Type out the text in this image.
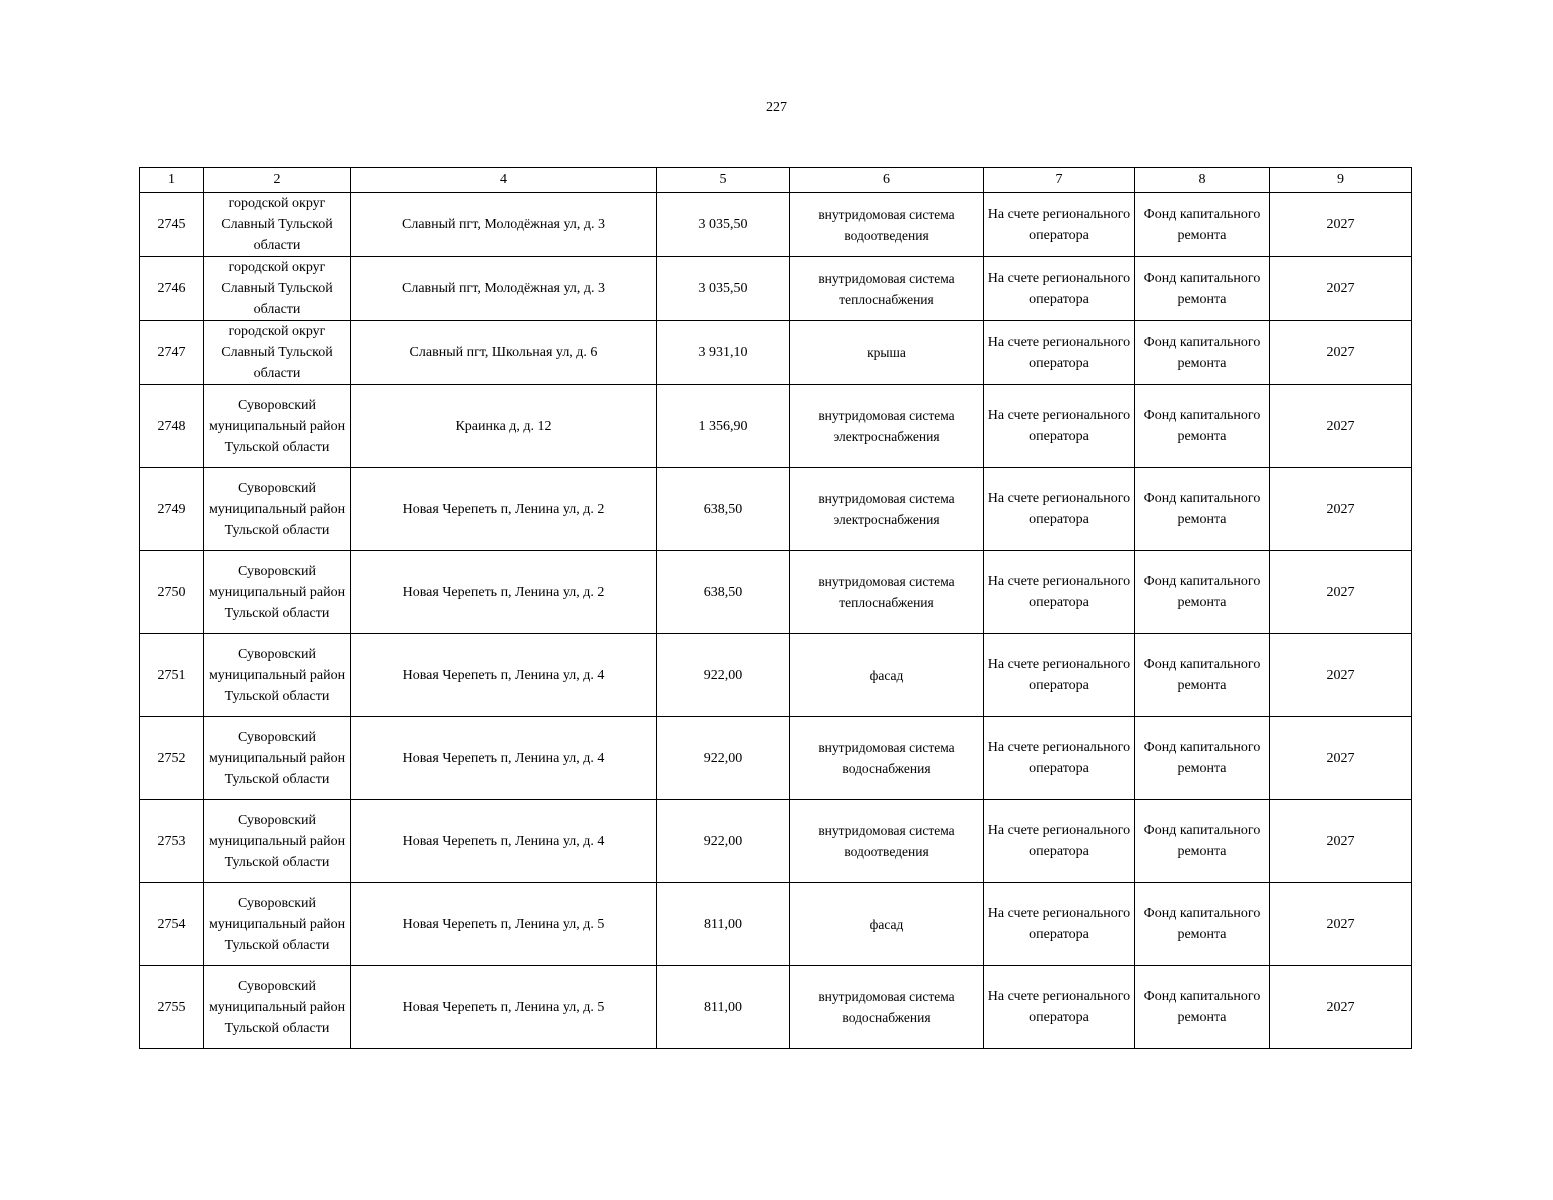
227
1	2	4	5	6	7	8	9
2745	городской округ Славный Тульской области	Славный пгт, Молодёжная ул, д. 3	3 035,50	внутридомовая система водоотведения	На счете регионального оператора	Фонд капитального ремонта	2027
2746	городской округ Славный Тульской области	Славный пгт, Молодёжная ул, д. 3	3 035,50	внутридомовая система теплоснабжения	На счете регионального оператора	Фонд капитального ремонта	2027
2747	городской округ Славный Тульской области	Славный пгт, Школьная ул, д. 6	3 931,10	крыша	На счете регионального оператора	Фонд капитального ремонта	2027
2748	Суворовский муниципальный район Тульской области	Краинка д, д. 12	1 356,90	внутридомовая система электроснабжения	На счете регионального оператора	Фонд капитального ремонта	2027
2749	Суворовский муниципальный район Тульской области	Новая Черепеть п, Ленина ул, д. 2	638,50	внутридомовая система электроснабжения	На счете регионального оператора	Фонд капитального ремонта	2027
2750	Суворовский муниципальный район Тульской области	Новая Черепеть п, Ленина ул, д. 2	638,50	внутридомовая система теплоснабжения	На счете регионального оператора	Фонд капитального ремонта	2027
2751	Суворовский муниципальный район Тульской области	Новая Черепеть п, Ленина ул, д. 4	922,00	фасад	На счете регионального оператора	Фонд капитального ремонта	2027
2752	Суворовский муниципальный район Тульской области	Новая Черепеть п, Ленина ул, д. 4	922,00	внутридомовая система водоснабжения	На счете регионального оператора	Фонд капитального ремонта	2027
2753	Суворовский муниципальный район Тульской области	Новая Черепеть п, Ленина ул, д. 4	922,00	внутридомовая система водоотведения	На счете регионального оператора	Фонд капитального ремонта	2027
2754	Суворовский муниципальный район Тульской области	Новая Черепеть п, Ленина ул, д. 5	811,00	фасад	На счете регионального оператора	Фонд капитального ремонта	2027
2755	Суворовский муниципальный район Тульской области	Новая Черепеть п, Ленина ул, д. 5	811,00	внутридомовая система водоснабжения	На счете регионального оператора	Фонд капитального ремонта	2027
